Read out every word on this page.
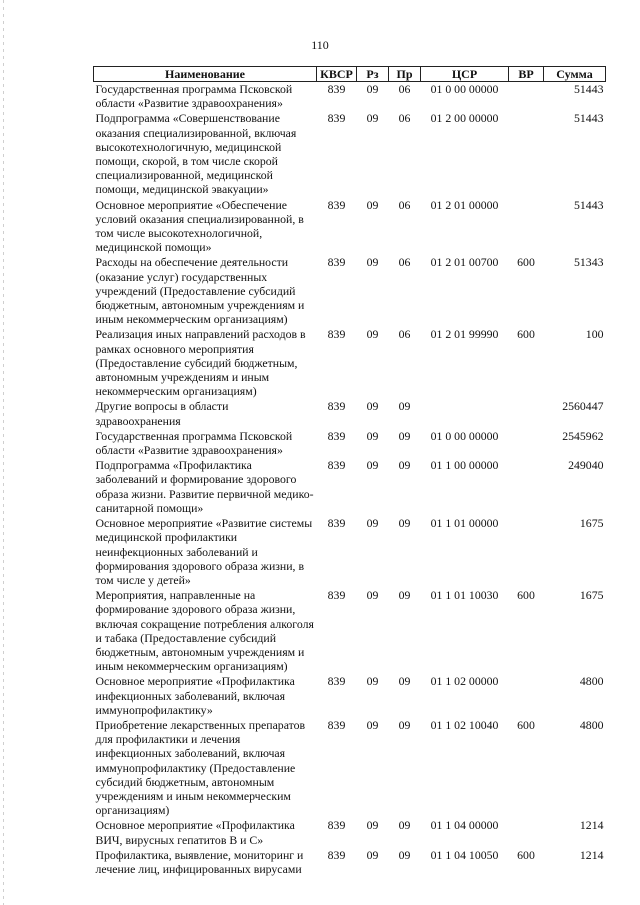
110
Наименование	КВСР	Рз	Пр	ЦСР	ВР	Сумма
Государственная программа Псковской области «Развитие здравоохранения»	839	09	06	01 0 00 00000		51443
Подпрограмма «Совершенствование оказания специализированной, включая высокотехнологичную, медицинской помощи, скорой, в том числе скорой специализированной, медицинской помощи, медицинской эвакуации»	839	09	06	01 2 00 00000		51443
Основное мероприятие «Обеспечение условий оказания специализированной, в том числе высокотехнологичной, медицинской помощи»	839	09	06	01 2 01 00000		51443
Расходы на обеспечение деятельности (оказание услуг) государственных учреждений (Предоставление субсидий бюджетным, автономным учреждениям и иным некоммерческим организациям)	839	09	06	01 2 01 00700	600	51343
Реализация иных направлений расходов в рамках основного мероприятия (Предоставление субсидий бюджетным, автономным учреждениям и иным некоммерческим организациям)	839	09	06	01 2 01 99990	600	100
Другие вопросы в области здравоохранения	839	09	09			2560447
Государственная программа Псковской области «Развитие здравоохранения»	839	09	09	01 0 00 00000		2545962
Подпрограмма «Профилактика заболеваний и формирование здорового образа жизни. Развитие первичной медико-санитарной помощи»	839	09	09	01 1 00 00000		249040
Основное мероприятие «Развитие системы медицинской профилактики неинфекционных заболеваний и формирования здорового образа жизни, в том числе у детей»	839	09	09	01 1 01 00000		1675
Мероприятия, направленные на формирование здорового образа жизни, включая сокращение потребления алкоголя и табака (Предоставление субсидий бюджетным, автономным учреждениям и иным некоммерческим организациям)	839	09	09	01 1 01 10030	600	1675
Основное мероприятие «Профилактика инфекционных заболеваний, включая иммунопрофилактику»	839	09	09	01 1 02 00000		4800
Приобретение лекарственных препаратов для профилактики и лечения инфекционных заболеваний, включая иммунопрофилактику (Предоставление субсидий бюджетным, автономным учреждениям и иным некоммерческим организациям)	839	09	09	01 1 02 10040	600	4800
Основное мероприятие «Профилактика ВИЧ, вирусных гепатитов В и С»	839	09	09	01 1 04 00000		1214
Профилактика, выявление, мониторинг и лечение лиц, инфицированных вирусами	839	09	09	01 1 04 10050	600	1214
